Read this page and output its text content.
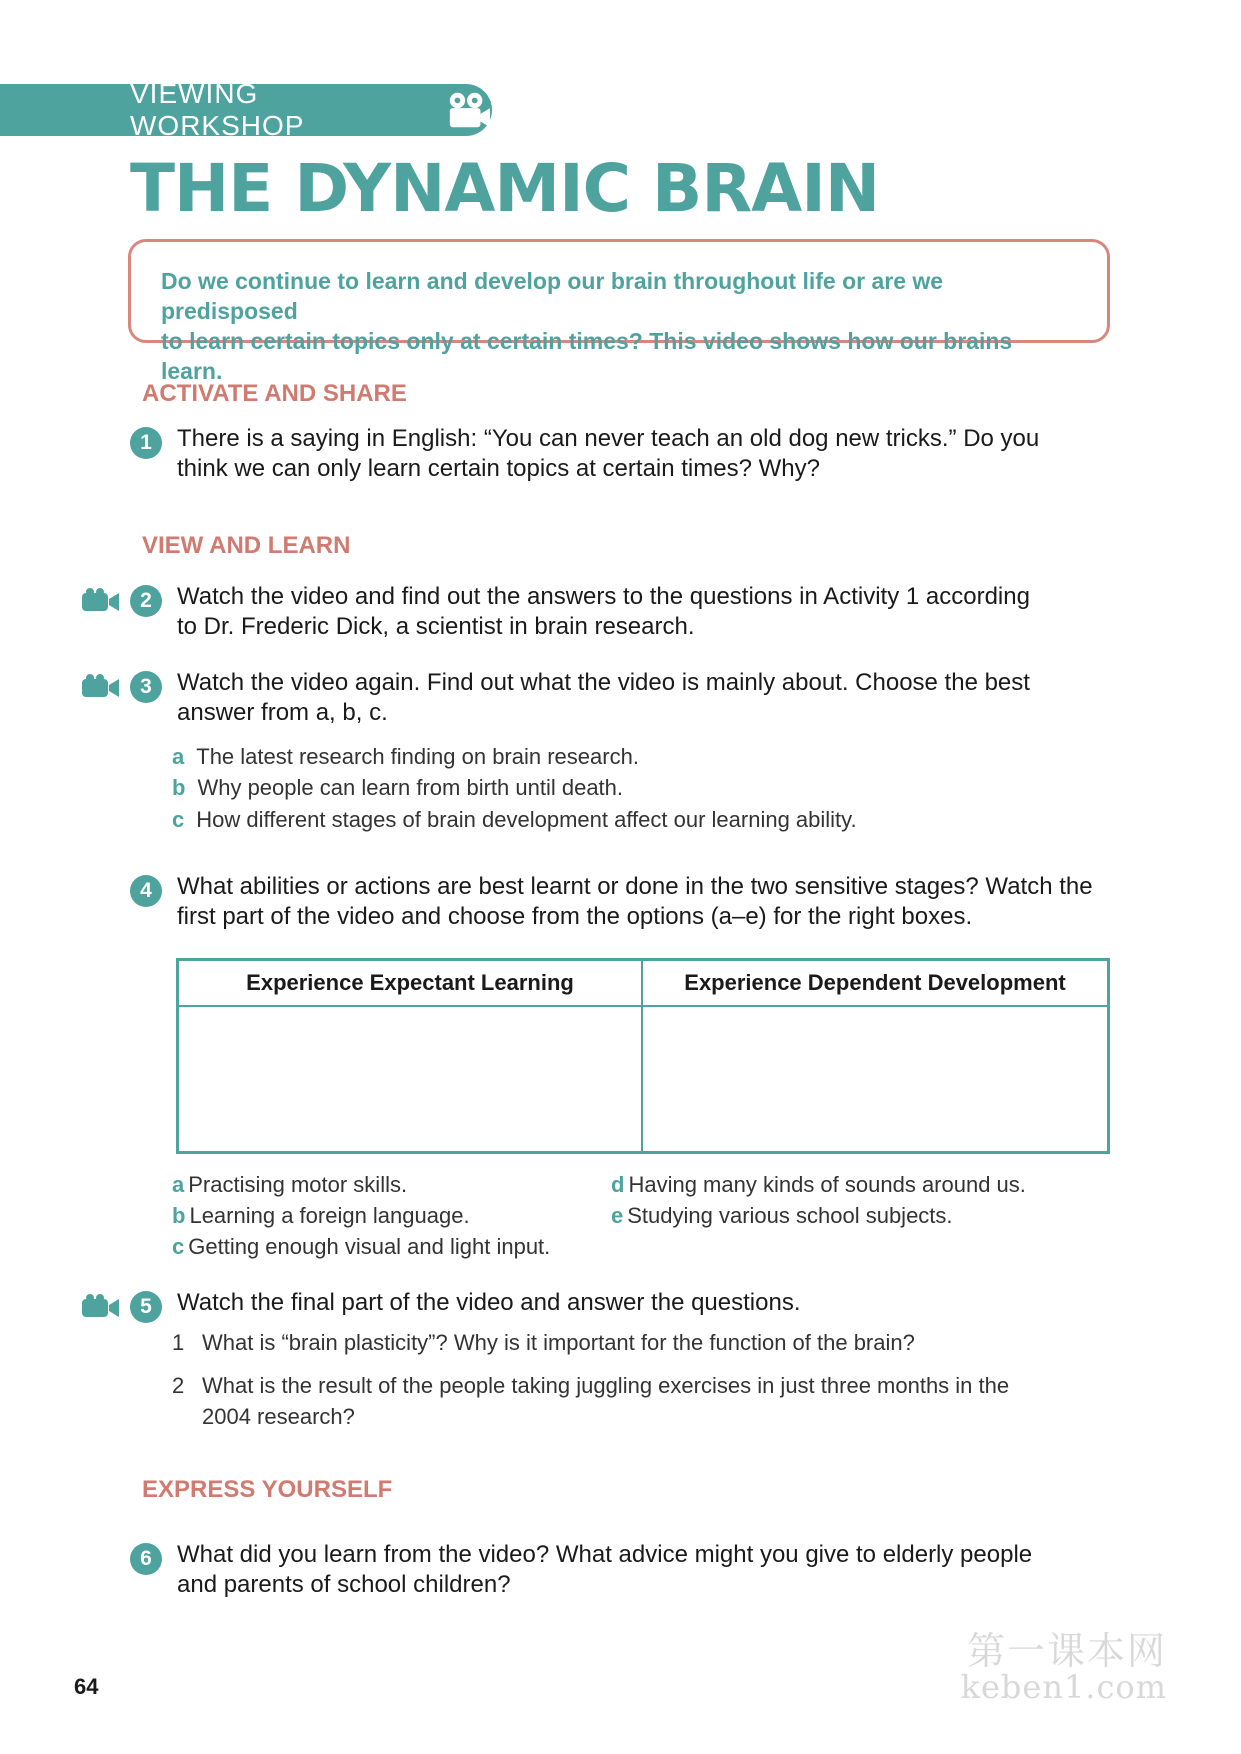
VIEWING WORKSHOP
THE DYNAMIC BRAIN
Do we continue to learn and develop our brain throughout life or are we predisposed
to learn certain topics only at certain times? This video shows how our brains learn.
ACTIVATE AND SHARE
1	There is a saying in English: “You can never teach an old dog new tricks.” Do you
think we can only learn certain topics at certain times? Why?
VIEW AND LEARN
2	Watch the video and find out the answers to the questions in Activity 1 according
to Dr. Frederic Dick, a scientist in brain research.
3	Watch the video again. Find out what the video is mainly about. Choose the best
answer from a, b, c.
a The latest research finding on brain research.
b Why people can learn from birth until death.
c How different stages of brain development affect our learning ability.
4	What abilities or actions are best learnt or done in the two sensitive stages? Watch the
first part of the video and choose from the options (a–e) for the right boxes.
Experience Expectant Learning	Experience Dependent Development
a Practising motor skills.
b Learning a foreign language.
c Getting enough visual and light input.
d Having many kinds of sounds around us.
e Studying various school subjects.
5	Watch the final part of the video and answer the questions.
1 What is “brain plasticity”? Why is it important for the function of the brain?
2 What is the result of the people taking juggling exercises in just three months in the
2004 research?
EXPRESS YOURSELF
6	What did you learn from the video? What advice might you give to elderly people
and parents of school children?
64
第一课本网
keben1.com
